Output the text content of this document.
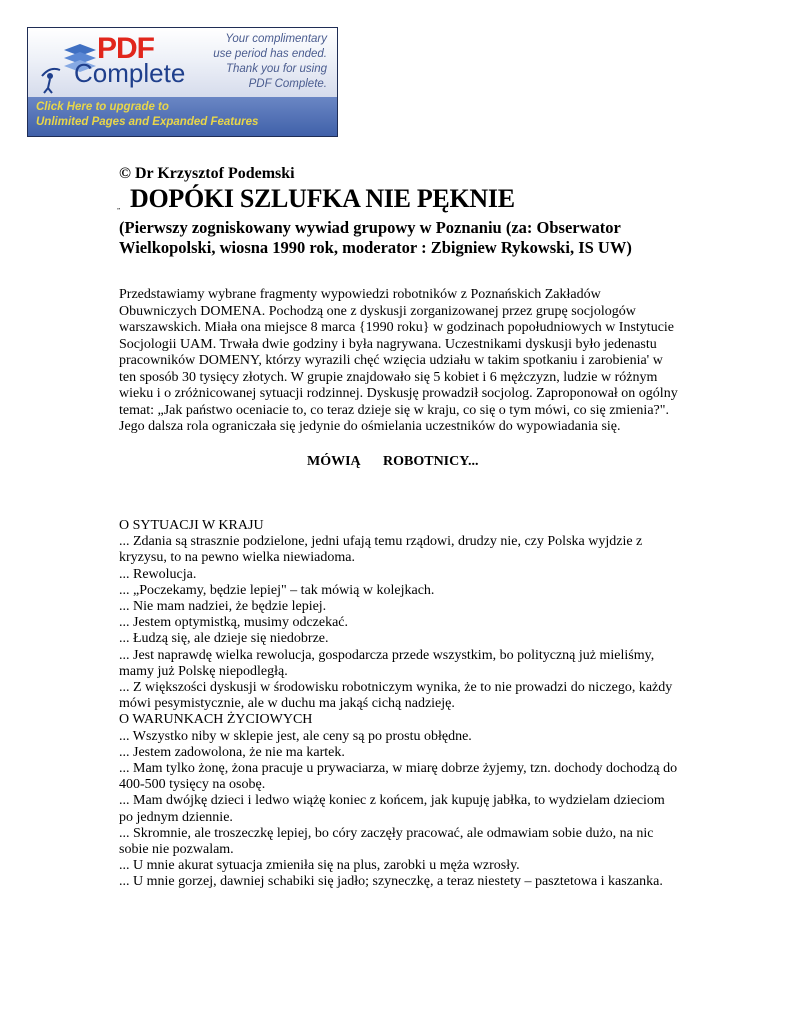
PDF
Complete
Your complimentary
use period has ended.
Thank you for using
PDF Complete.
Click Here to upgrade to
Unlimited Pages and Expanded Features
© Dr Krzysztof Podemski
„ DOPÓKI SZLUFKA NIE PĘKNIE
(Pierwszy zogniskowany wywiad grupowy w Poznaniu (za: Obserwator Wielkopolski, wiosna 1990 rok, moderator : Zbigniew Rykowski, IS UW)
Przedstawiamy wybrane fragmenty wypowiedzi robotników z Poznańskich Zakładów Obuwniczych DOMENA. Pochodzą one z dyskusji zorganizowanej przez grupę socjologów warszawskich. Miała ona miejsce 8 marca {1990 roku} w godzinach popołudniowych w Instytucie Socjologii UAM. Trwała dwie godziny i była nagrywana. Uczestnikami dyskusji było jedenastu pracowników DOMENY, którzy wyrazili chęć wzięcia udziału w takim spotkaniu i zarobienia' w ten sposób 30 tysięcy złotych. W grupie znajdowało się 5 kobiet i 6 mężczyzn, ludzie w różnym wieku i o zróżnicowanej sytuacji rodzinnej. Dyskusję prowadził socjolog. Zaproponował on ogólny temat: „Jak państwo oceniacie to, co teraz dzieje się w kraju, co się o tym mówi, co się zmienia?". Jego dalsza rola ograniczała się jedynie do ośmielania uczestników do wypowiadania się.
MÓWIĄ ROBOTNICY...

O SYTUACJI W KRAJU

... Zdania są strasznie podzielone, jedni ufają temu rządowi, drudzy nie, czy Polska wyjdzie z kryzysu, to na pewno wielka niewiadoma.

... Rewolucja.

... „Poczekamy, będzie lepiej" – tak mówią w kolejkach.

... Nie mam nadziei, że będzie lepiej.

... Jestem optymistką, musimy odczekać.

... Łudzą się, ale dzieje się niedobrze.

... Jest naprawdę wielka rewolucja, gospodarcza przede wszystkim, bo polityczną już mieliśmy, mamy już Polskę niepodległą.

... Z większości dyskusji w środowisku robotniczym wynika, że to nie prowadzi do niczego, każdy mówi pesymistycznie, ale w duchu ma jakąś cichą nadzieję.

O WARUNKACH ŻYCIOWYCH

... Wszystko niby w sklepie jest, ale ceny są po prostu obłędne.

... Jestem zadowolona, że nie ma kartek.

... Mam tylko żonę, żona pracuje u prywaciarza, w miarę dobrze żyjemy, tzn. dochody dochodzą do 400-500 tysięcy na osobę.

... Mam dwójkę dzieci i ledwo wiążę koniec z końcem, jak kupuję jabłka, to wydzielam dzieciom po jednym dziennie.

... Skromnie, ale troszeczkę lepiej, bo córy zaczęły pracować, ale odmawiam sobie dużo, na nic sobie nie pozwalam.

... U mnie akurat sytuacja zmieniła się na plus, zarobki u męża wzrosły.

... U mnie gorzej, dawniej schabiki się jadło; szyneczkę, a teraz niestety – pasztetowa i kaszanka.
